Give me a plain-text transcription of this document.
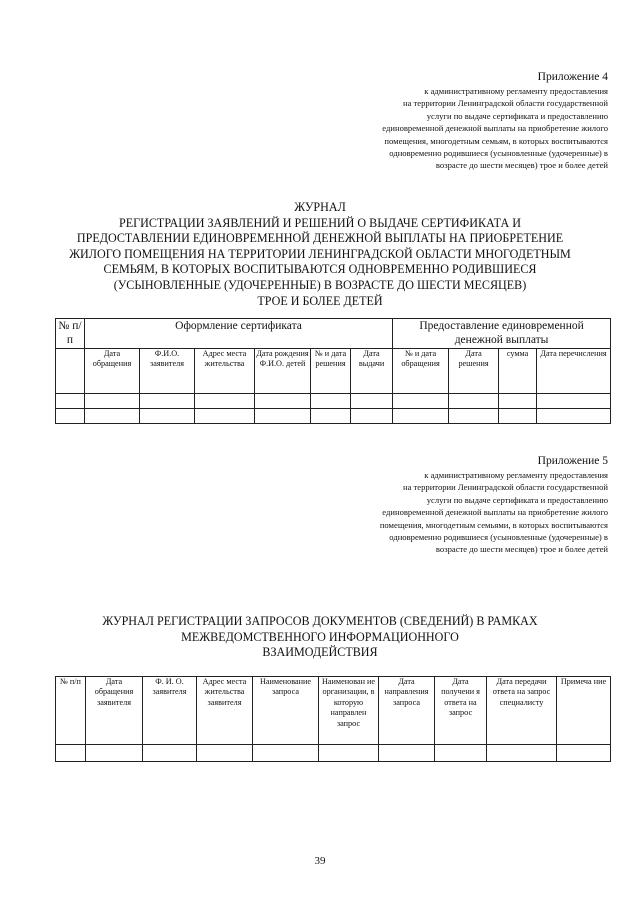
Приложение 4
к административному регламенту предоставления
на территории Ленинградской области государственной
услуги по выдаче сертификата и предоставлению
единовременной денежной выплаты на приобретение жилого
помещения, многодетным семьям, в которых воспитываются
одновременно родившиеся (усыновленные (удочеренные) в
возрасте до шести месяцев) трое и более детей
ЖУРНАЛ
РЕГИСТРАЦИИ ЗАЯВЛЕНИЙ И РЕШЕНИЙ О ВЫДАЧЕ СЕРТИФИКАТА И
ПРЕДОСТАВЛЕНИИ ЕДИНОВРЕМЕННОЙ ДЕНЕЖНОЙ ВЫПЛАТЫ НА ПРИОБРЕТЕНИЕ
ЖИЛОГО ПОМЕЩЕНИЯ НА ТЕРРИТОРИИ ЛЕНИНГРАДСКОЙ ОБЛАСТИ МНОГОДЕТНЫМ
СЕМЬЯМ, В КОТОРЫХ ВОСПИТЫВАЮТСЯ ОДНОВРЕМЕННО РОДИВШИЕСЯ
(УСЫНОВЛЕННЫЕ (УДОЧЕРЕННЫЕ) В ВОЗРАСТЕ ДО ШЕСТИ МЕСЯЦЕВ)
ТРОЕ И БОЛЕЕ ДЕТЕЙ
№ п/п	Оформление сертификата						Предоставление единовременной денежной выплаты			
	Дата обращения	Ф.И.О. заявителя	Адрес места жительства	Дата рождения Ф.И.О. детей	№ и дата решения	Дата выдачи	№ и дата обращения	Дата решения	сумма	Дата перечисления

Приложение 5
к административному регламенту предоставления
на территории Ленинградской области государственной
услуги по выдаче сертификата и предоставлению
единовременной денежной выплаты на приобретение жилого
помещения, многодетным семьями, в которых воспитываются
одновременно родившиеся (усыновленные (удочеренные) в
возрасте до шести месяцев) трое и более детей
ЖУРНАЛ РЕГИСТРАЦИИ ЗАПРОСОВ ДОКУМЕНТОВ (СВЕДЕНИЙ) В РАМКАХ
МЕЖВЕДОМСТВЕННОГО ИНФОРМАЦИОННОГО
ВЗАИМОДЕЙСТВИЯ
№ п/п	Дата обращения заявителя	Ф. И. О. заявителя	Адрес места жительства заявителя	Наименование запроса	Наименован ие организации, в которую направлен запрос	Дата направления запроса	Дата получени я ответа на запрос	Дата передачи ответа на запрос специалисту	Примеча ние

39
